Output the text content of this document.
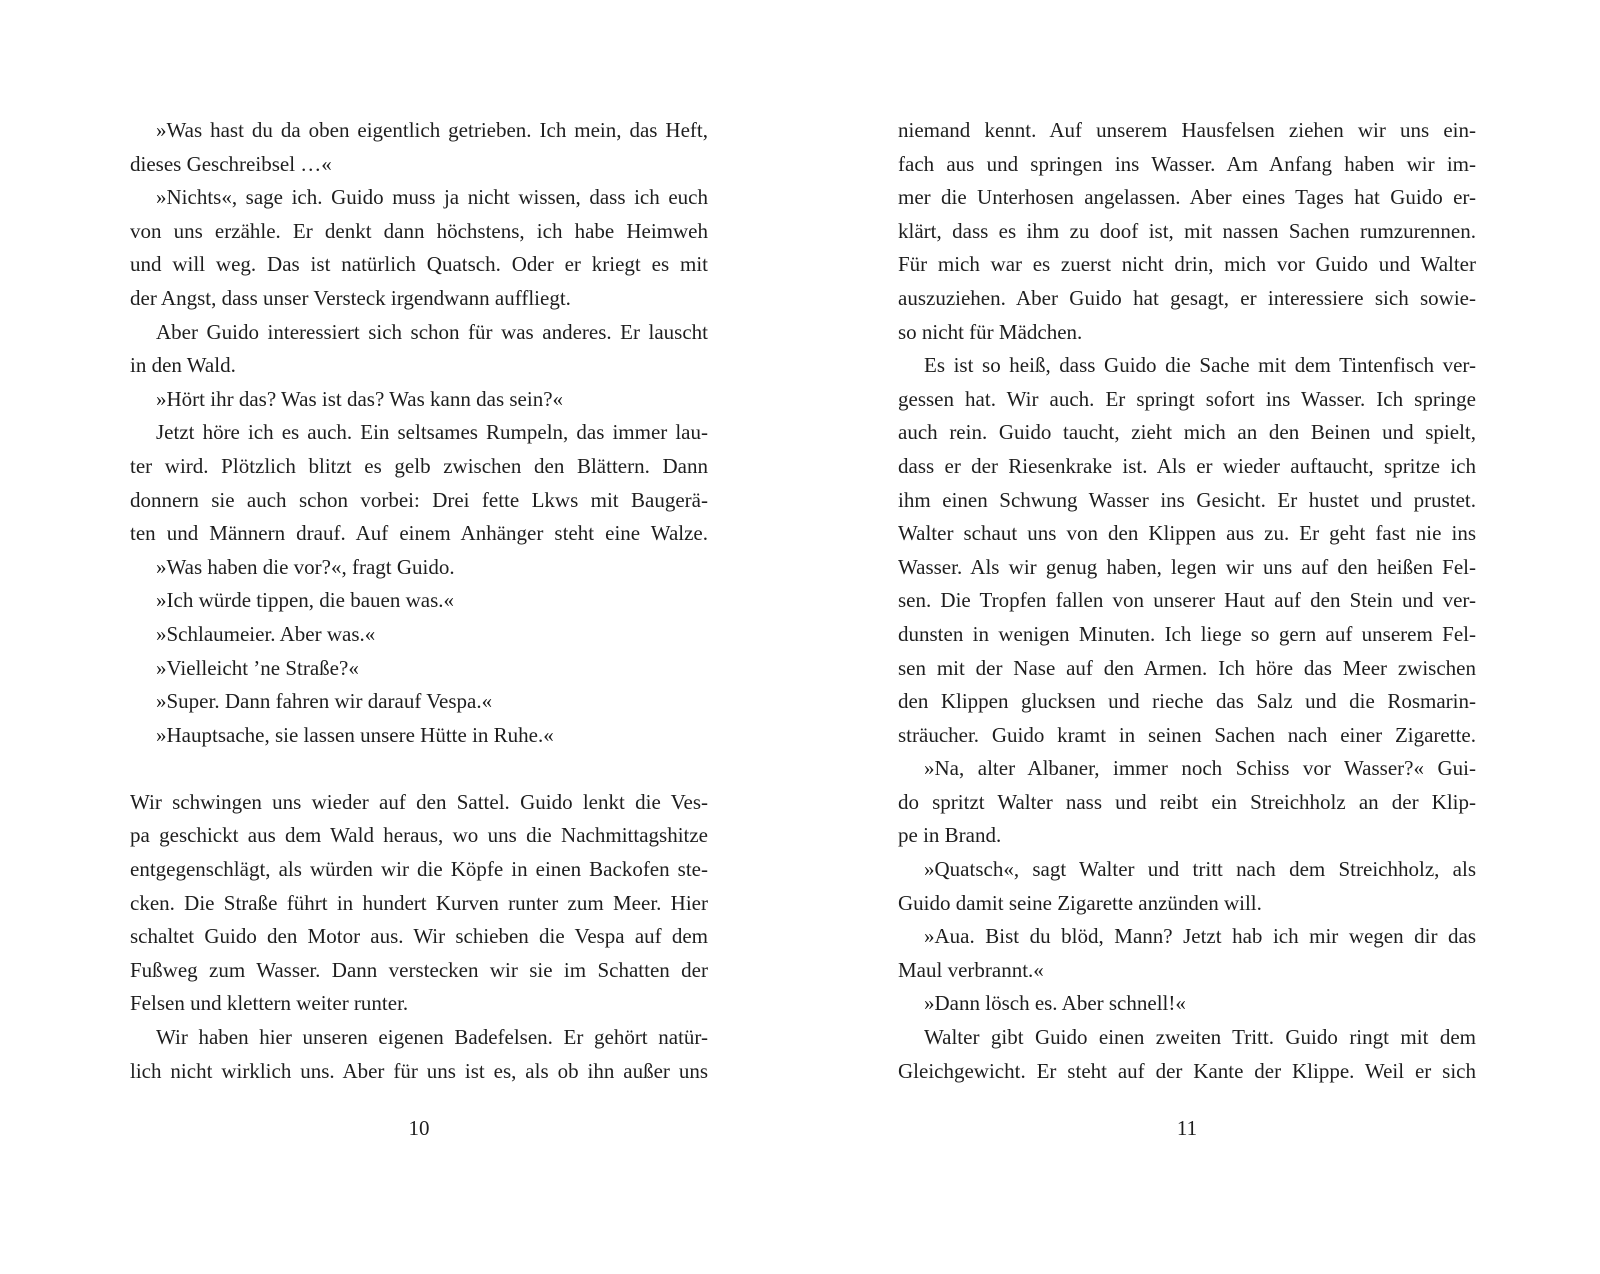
»Was hast du da oben eigentlich getrieben. Ich mein, das Heft,
dieses Geschreibsel …«
»Nichts«, sage ich. Guido muss ja nicht wissen, dass ich euch
von uns erzähle. Er denkt dann höchstens, ich habe Heimweh
und will weg. Das ist natürlich Quatsch. Oder er kriegt es mit
der Angst, dass unser Versteck irgendwann auffliegt.
Aber Guido interessiert sich schon für was anderes. Er lauscht
in den Wald.
»Hört ihr das? Was ist das? Was kann das sein?«
Jetzt höre ich es auch. Ein seltsames Rumpeln, das immer lau-
ter wird. Plötzlich blitzt es gelb zwischen den Blättern. Dann
donnern sie auch schon vorbei: Drei fette Lkws mit Baugerä-
ten und Männern drauf. Auf einem Anhänger steht eine Walze.
»Was haben die vor?«, fragt Guido.
»Ich würde tippen, die bauen was.«
»Schlaumeier. Aber was.«
»Vielleicht ’ne Straße?«
»Super. Dann fahren wir darauf Vespa.«
»Hauptsache, sie lassen unsere Hütte in Ruhe.«
Wir schwingen uns wieder auf den Sattel. Guido lenkt die Ves-
pa geschickt aus dem Wald heraus, wo uns die Nachmittagshitze
entgegenschlägt, als würden wir die Köpfe in einen Backofen ste-
cken. Die Straße führt in hundert Kurven runter zum Meer. Hier
schaltet Guido den Motor aus. Wir schieben die Vespa auf dem
Fußweg zum Wasser. Dann verstecken wir sie im Schatten der
Felsen und klettern weiter runter.
Wir haben hier unseren eigenen Badefelsen. Er gehört natür-
lich nicht wirklich uns. Aber für uns ist es, als ob ihn außer uns
10
niemand kennt. Auf unserem Hausfelsen ziehen wir uns ein-
fach aus und springen ins Wasser. Am Anfang haben wir im-
mer die Unterhosen angelassen. Aber eines Tages hat Guido er-
klärt, dass es ihm zu doof ist, mit nassen Sachen rumzurennen.
Für mich war es zuerst nicht drin, mich vor Guido und Walter
auszuziehen. Aber Guido hat gesagt, er interessiere sich sowie-
so nicht für Mädchen.
Es ist so heiß, dass Guido die Sache mit dem Tintenfisch ver-
gessen hat. Wir auch. Er springt sofort ins Wasser. Ich springe
auch rein. Guido taucht, zieht mich an den Beinen und spielt,
dass er der Riesenkrake ist. Als er wieder auftaucht, spritze ich
ihm einen Schwung Wasser ins Gesicht. Er hustet und prustet.
Walter schaut uns von den Klippen aus zu. Er geht fast nie ins
Wasser. Als wir genug haben, legen wir uns auf den heißen Fel-
sen. Die Tropfen fallen von unserer Haut auf den Stein und ver-
dunsten in wenigen Minuten. Ich liege so gern auf unserem Fel-
sen mit der Nase auf den Armen. Ich höre das Meer zwischen
den Klippen glucksen und rieche das Salz und die Rosmarin-
sträucher. Guido kramt in seinen Sachen nach einer Zigarette.
»Na, alter Albaner, immer noch Schiss vor Wasser?« Gui-
do spritzt Walter nass und reibt ein Streichholz an der Klip-
pe in Brand.
»Quatsch«, sagt Walter und tritt nach dem Streichholz, als
Guido damit seine Zigarette anzünden will.
»Aua. Bist du blöd, Mann? Jetzt hab ich mir wegen dir das
Maul verbrannt.«
»Dann lösch es. Aber schnell!«
Walter gibt Guido einen zweiten Tritt. Guido ringt mit dem
Gleichgewicht. Er steht auf der Kante der Klippe. Weil er sich
11
